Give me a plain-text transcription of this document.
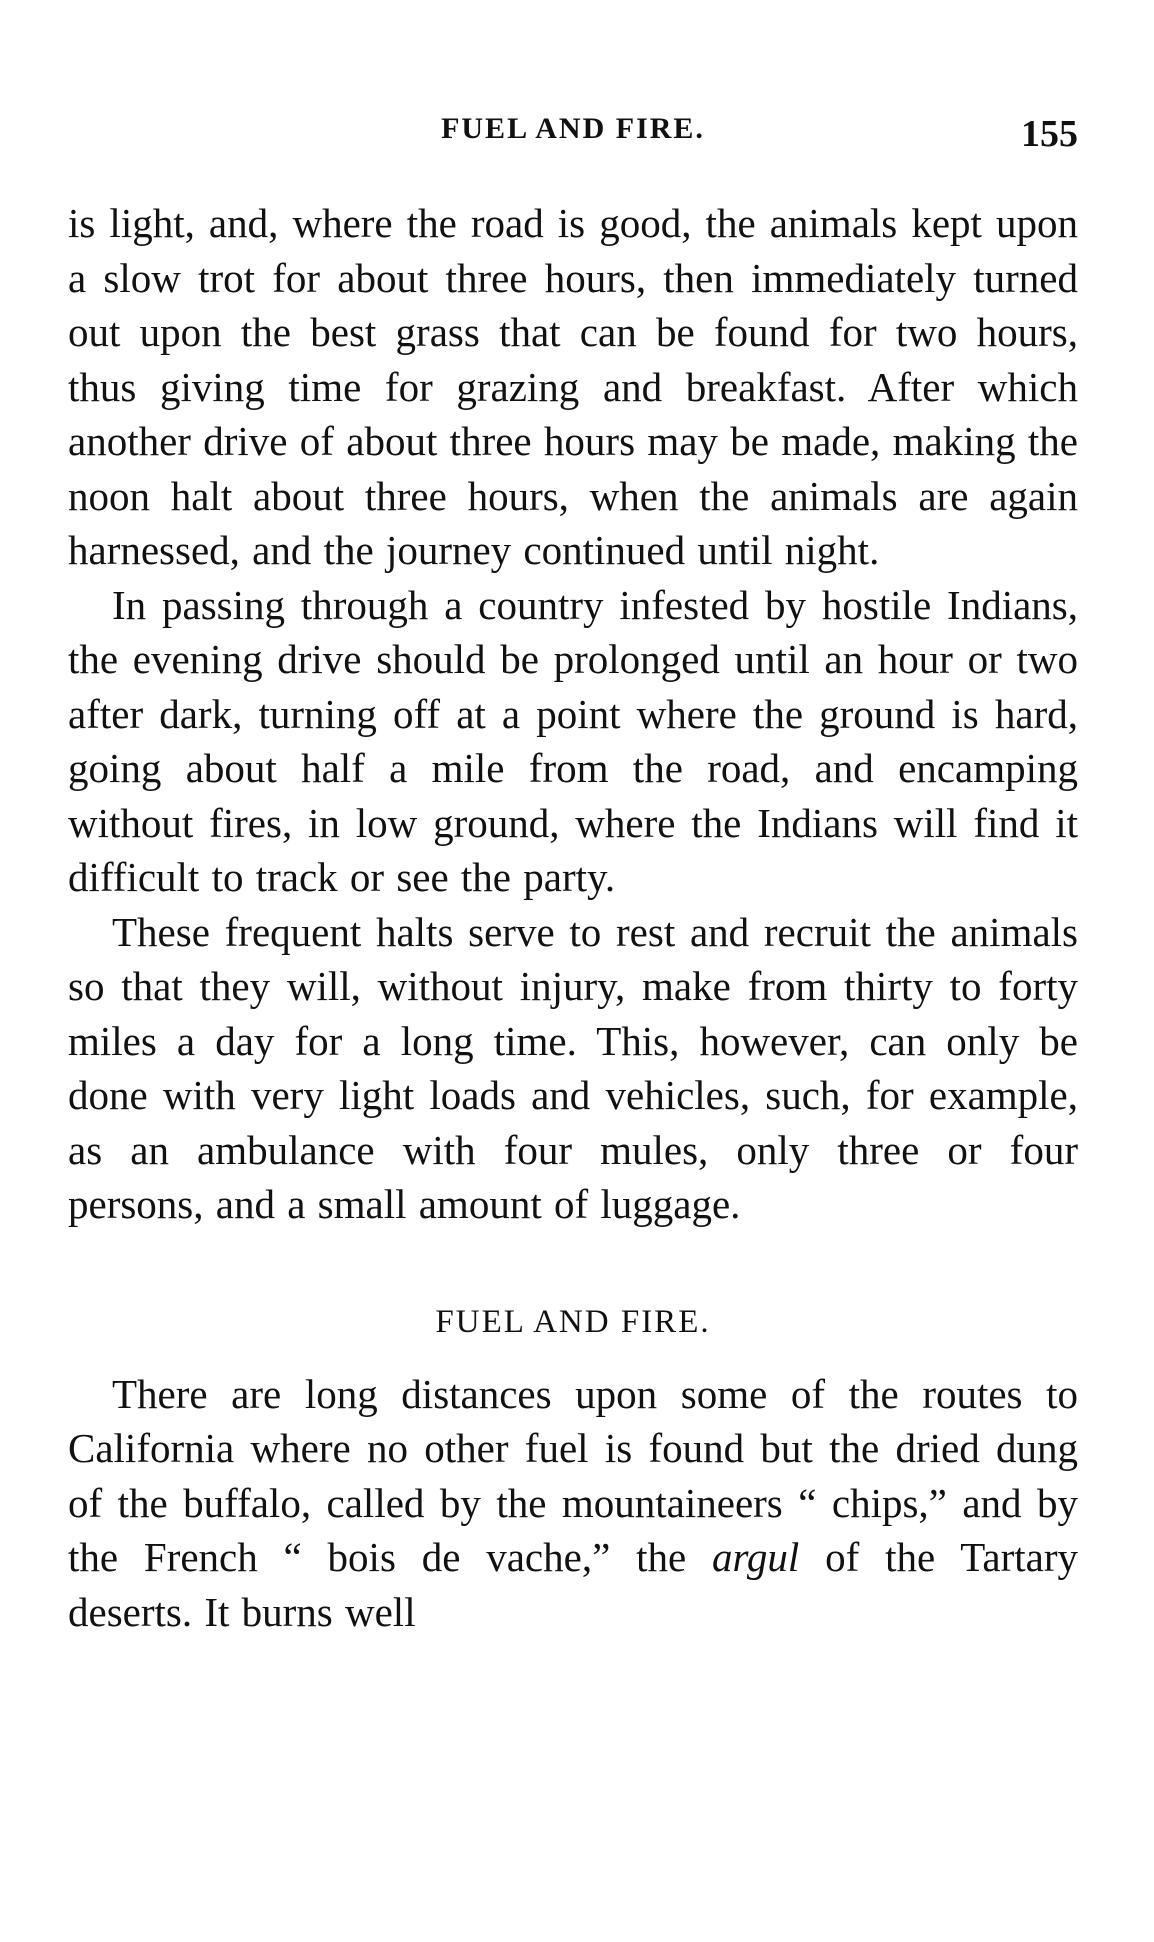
FUEL AND FIRE.	155

is light, and, where the road is good, the animals kept upon a slow trot for about three hours, then immediately turned out upon the best grass that can be found for two hours, thus giving time for grazing and breakfast. After which another drive of about three hours may be made, making the noon halt about three hours, when the animals are again harnessed, and the journey continued until night.

In passing through a country infested by hostile Indians, the evening drive should be prolonged until an hour or two after dark, turning off at a point where the ground is hard, going about half a mile from the road, and encamping without fires, in low ground, where the Indians will find it difficult to track or see the party.

These frequent halts serve to rest and recruit the animals so that they will, without injury, make from thirty to forty miles a day for a long time. This, however, can only be done with very light loads and vehicles, such, for example, as an ambulance with four mules, only three or four persons, and a small amount of luggage.

FUEL AND FIRE.

There are long distances upon some of the routes to California where no other fuel is found but the dried dung of the buffalo, called by the mountaineers “ chips,” and by the French “ bois de vache,” the argul of the Tartary deserts. It burns well
